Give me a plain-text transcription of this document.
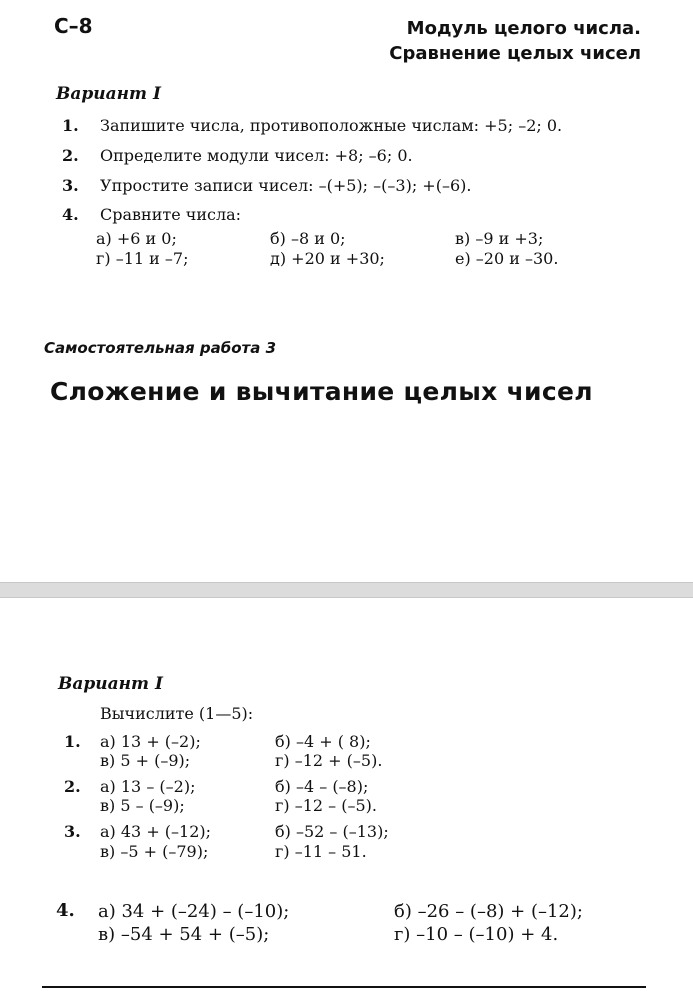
С–8	Модуль целого числа.
Сравнение целых чисел
Вариант I
1. Запишите числа, противоположные числам: +5; –2; 0.
2. Определите модули чисел: +8; –6; 0.
3. Упростите записи чисел: –(+5); –(–3); +(–6).
4. Сравните числа:
а) +6 и 0;	б) –8 и 0;	в) –9 и +3;
г) –11 и –7;	д) +20 и +30;	е) –20 и –30.
Самостоятельная работа 3
Сложение и вычитание целых чисел
Вариант I
Вычислите (1—5):
1. а) 13 + (–2);	б) –4 + ( 8);
в) 5 + (–9);	г) –12 + (–5).
2. а) 13 – (–2);	б) –4 – (–8);
в) 5 – (–9);	г) –12 – (–5).
3. а) 43 + (–12);	б) –52 – (–13);
в) –5 + (–79);	г) –11 – 51.
4. а) 34 + (–24) – (–10);	б) –26 – (–8) + (–12);
в) –54 + 54 + (–5);	г) –10 – (–10) + 4.
